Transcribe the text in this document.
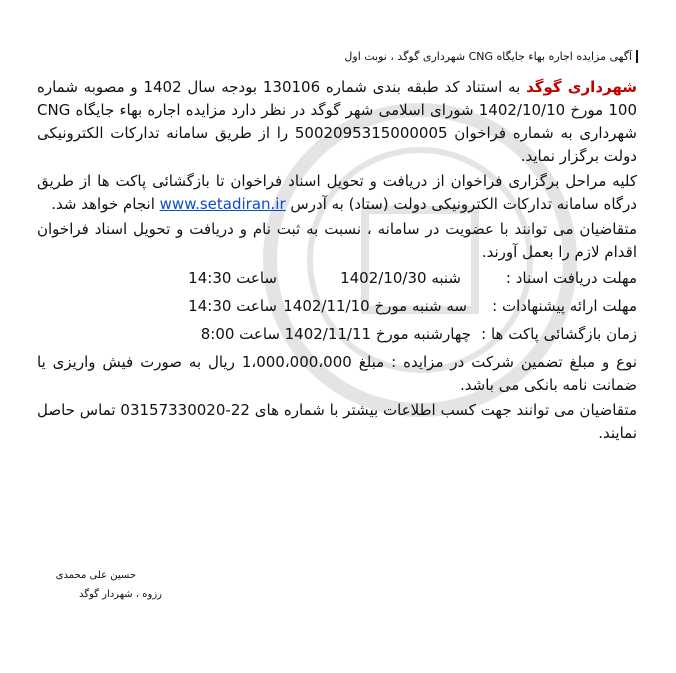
آگهی مزایده اجاره بهاء جایگاه CNG شهرداری گوگد ، نوبت اول

شهرداری گوگد به استناد کد طبقه بندی شماره 130106 بودجه سال 1402 و مصوبه شماره 100 مورخ 1402/10/10 شورای اسلامی شهر گوگد در نظر دارد مزایده اجاره بهاء جایگاه CNG شهرداری به شماره فراخوان 5002095315000005 را از طریق سامانه تدارکات الکترونیکی دولت برگزار نماید.

کلیه مراحل برگزاری فراخوان از دریافت و تحویل اسناد فراخوان تا بازگشائی پاکت ها از طریق درگاه سامانه تدارکات الکترونیکی دولت (ستاد) به آدرس www.setadiran.ir انجام خواهد شد.

متقاضیان می توانند با عضویت در سامانه ، نسبت به ثبت نام و دریافت و تحویل اسناد فراخوان اقدام لازم را بعمل آورند.

مهلت دریافت اسناد :
شنبه 1402/10/30
ساعت 14:30
مهلت ارائه پیشنهادات :
سه شنبه مورخ 1402/11/10
ساعت 14:30
زمان بازگشائی پاکت ها :
چهارشنبه مورخ 1402/11/11
ساعت 8:00

نوع و مبلغ تضمین شرکت در مزایده : مبلغ 1،000،000،000 ریال به صورت فیش واریزی یا ضمانت نامه بانکی می باشد.

متقاضیان می توانند جهت کسب اطلاعات بیشتر با شماره های 22-03157330020 تماس حاصل نمایند.

حسین علی محمدی
رزوه ، شهردار گوگد
